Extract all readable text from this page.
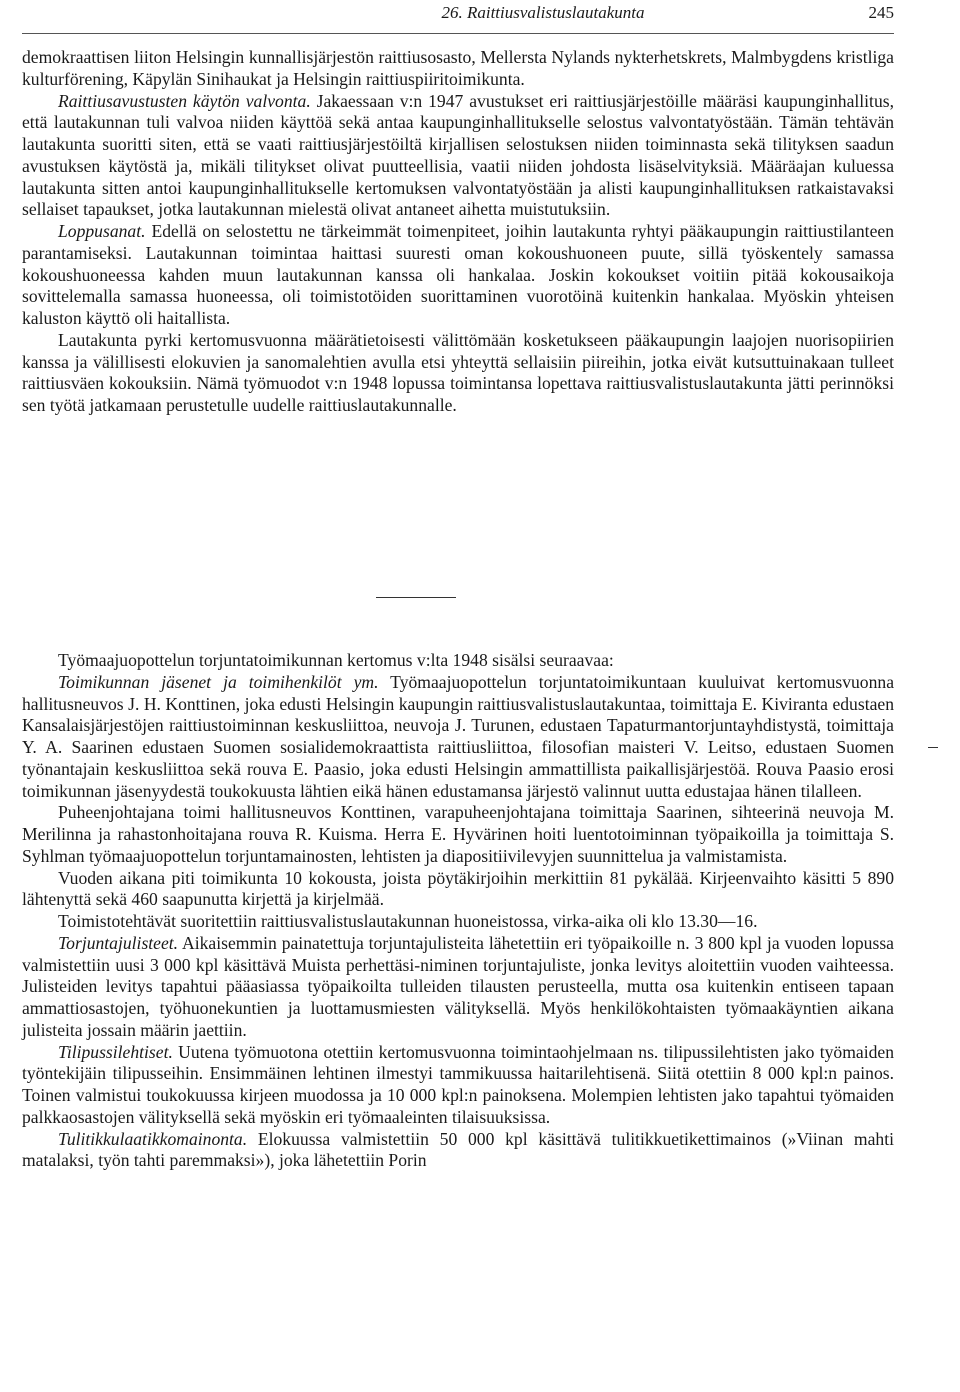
26. Raittiusvalistuslautakunta	245

demokraattisen liiton Helsingin kunnallisjärjestön raittiusosasto, Mellersta Nylands nykterhetskrets, Malmbygdens kristliga kulturförening, Käpylän Sinihaukat ja Helsingin raittiuspiiritoimikunta.

Raittiusavustusten käytön valvonta. Jakaessaan v:n 1947 avustukset eri raittiusjärjestöille määräsi kaupunginhallitus, että lautakunnan tuli valvoa niiden käyttöä sekä antaa kaupunginhallitukselle selostus valvontatyöstään. Tämän tehtävän lautakunta suoritti siten, että se vaati raittiusjärjestöiltä kirjallisen selostuksen niiden toiminnasta sekä tilityksen saadun avustuksen käytöstä ja, mikäli tilitykset olivat puutteellisia, vaatii niiden johdosta lisäselvityksiä. Määräajan kuluessa lautakunta sitten antoi kaupunginhallitukselle kertomuksen valvontatyöstään ja alisti kaupunginhallituksen ratkaistavaksi sellaiset tapaukset, jotka lautakunnan mielestä olivat antaneet aihetta muistutuksiin.

Loppusanat. Edellä on selostettu ne tärkeimmät toimenpiteet, joihin lautakunta ryhtyi pääkaupungin raittiustilanteen parantamiseksi. Lautakunnan toimintaa haittasi suuresti oman kokoushuoneen puute, sillä työskentely samassa kokoushuoneessa kahden muun lautakunnan kanssa oli hankalaa. Joskin kokoukset voitiin pitää kokousaikoja sovittelemalla samassa huoneessa, oli toimistotöiden suorittaminen vuorotöinä kuitenkin hankalaa. Myöskin yhteisen kaluston käyttö oli haitallista.

Lautakunta pyrki kertomusvuonna määrätietoisesti välittömään kosketukseen pääkaupungin laajojen nuorisopiirien kanssa ja välillisesti elokuvien ja sanomalehtien avulla etsi yhteyttä sellaisiin piireihin, jotka eivät kutsuttuinakaan tulleet raittiusväen kokouksiin. Nämä työmuodot v:n 1948 lopussa toimintansa lopettava raittiusvalistuslautakunta jätti perinnöksi sen työtä jatkamaan perustetulle uudelle raittiuslautakunnalle.

Työmaajuopottelun torjuntatoimikunnan kertomus v:lta 1948 sisälsi seuraavaa:

Toimikunnan jäsenet ja toimihenkilöt ym. Työmaajuopottelun torjuntatoimikuntaan kuuluivat kertomusvuonna hallitusneuvos J. H. Konttinen, joka edusti Helsingin kaupungin raittiusvalistuslautakuntaa, toimittaja E. Kiviranta edustaen Kansalaisjärjestöjen raittiustoiminnan keskusliittoa, neuvoja J. Turunen, edustaen Tapaturmantorjuntayhdistystä, toimittaja Y. A. Saarinen edustaen Suomen sosialidemokraattista raittiusliittoa, filosofian maisteri V. Leitso, edustaen Suomen työnantajain keskusliittoa sekä rouva E. Paasio, joka edusti Helsingin ammattillista paikallisjärjestöä. Rouva Paasio erosi toimikunnan jäsenyydestä toukokuusta lähtien eikä hänen edustamansa järjestö valinnut uutta edustajaa hänen tilalleen.

Puheenjohtajana toimi hallitusneuvos Konttinen, varapuheenjohtajana toimittaja Saarinen, sihteerinä neuvoja M. Merilinna ja rahastonhoitajana rouva R. Kuisma. Herra E. Hyvärinen hoiti luentotoiminnan työpaikoilla ja toimittaja S. Syhlman työmaajuopottelun torjuntamainosten, lehtisten ja diapositiivilevyjen suunnittelua ja valmistamista.

Vuoden aikana piti toimikunta 10 kokousta, joista pöytäkirjoihin merkittiin 81 pykälää. Kirjeenvaihto käsitti 5 890 lähtenyttä sekä 460 saapunutta kirjettä ja kirjelmää.

Toimistotehtävät suoritettiin raittiusvalistuslautakunnan huoneistossa, virka-aika oli klo 13.30—16.

Torjuntajulisteet. Aikaisemmin painatettuja torjuntajulisteita lähetettiin eri työpaikoille n. 3 800 kpl ja vuoden lopussa valmistettiin uusi 3 000 kpl käsittävä Muista perhettäsi-niminen torjuntajuliste, jonka levitys aloitettiin vuoden vaihteessa. Julisteiden levitys tapahtui pääasiassa työpaikoilta tulleiden tilausten perusteella, mutta osa kuitenkin entiseen tapaan ammattiosastojen, työhuonekuntien ja luottamusmiesten välityksellä. Myös henkilökohtaisten työmaakäyntien aikana julisteita jossain määrin jaettiin.

Tilipussilehtiset. Uutena työmuotona otettiin kertomusvuonna toimintaohjelmaan ns. tilipussilehtisten jako työmaiden työntekijäin tilipusseihin. Ensimmäinen lehtinen ilmestyi tammikuussa haitarilehtisenä. Siitä otettiin 8 000 kpl:n painos. Toinen valmistui toukokuussa kirjeen muodossa ja 10 000 kpl:n painoksena. Molempien lehtisten jako tapahtui työmaiden palkkaosastojen välityksellä sekä myöskin eri työmaaleinten tilaisuuksissa.

Tulitikkulaatikkomainonta. Elokuussa valmistettiin 50 000 kpl käsittävä tulitikkuetikettimainos (»Viinan mahti matalaksi, työn tahti paremmaksi»), joka lähetettiin Porin
